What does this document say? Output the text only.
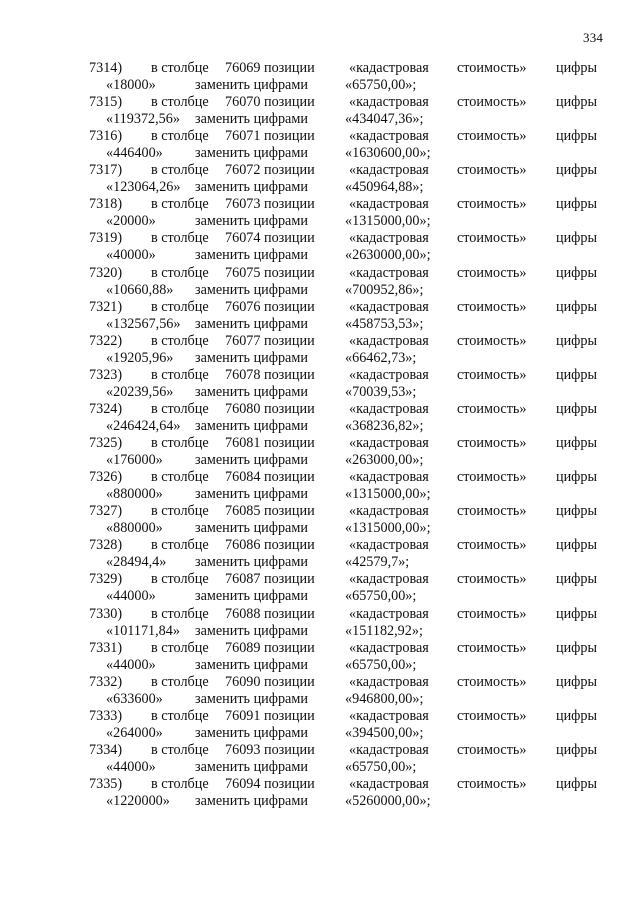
334
7314) в столбце 76069 позиции «кадастровая стоимость» цифры
«18000»	заменить цифрами	«65750,00»;
7315) в столбце 76070 позиции «кадастровая стоимость» цифры
«119372,56» заменить цифрами	«434047,36»;
7316) в столбце 76071 позиции «кадастровая стоимость» цифры
«446400» заменить цифрами	«1630600,00»;
7317) в столбце 76072 позиции «кадастровая стоимость» цифры
«123064,26» заменить цифрами	«450964,88»;
7318) в столбце 76073 позиции «кадастровая стоимость» цифры
«20000»	заменить цифрами	«1315000,00»;
7319) в столбце 76074 позиции «кадастровая стоимость» цифры
«40000»	заменить цифрами	«2630000,00»;
7320) в столбце 76075 позиции «кадастровая стоимость» цифры
«10660,88» заменить цифрами	«700952,86»;
7321) в столбце 76076 позиции «кадастровая стоимость» цифры
«132567,56» заменить цифрами	«458753,53»;
7322) в столбце 76077 позиции «кадастровая стоимость» цифры
«19205,96» заменить цифрами	«66462,73»;
7323) в столбце 76078 позиции «кадастровая стоимость» цифры
«20239,56» заменить цифрами	«70039,53»;
7324) в столбце 76080 позиции «кадастровая стоимость» цифры
«246424,64» заменить цифрами	«368236,82»;
7325) в столбце 76081 позиции «кадастровая стоимость» цифры
«176000» заменить цифрами	«263000,00»;
7326) в столбце 76084 позиции «кадастровая стоимость» цифры
«880000» заменить цифрами	«1315000,00»;
7327) в столбце 76085 позиции «кадастровая стоимость» цифры
«880000» заменить цифрами	«1315000,00»;
7328) в столбце 76086 позиции «кадастровая стоимость» цифры
«28494,4» заменить цифрами	«42579,7»;
7329) в столбце 76087 позиции «кадастровая стоимость» цифры
«44000»	заменить цифрами	«65750,00»;
7330) в столбце 76088 позиции «кадастровая стоимость» цифры
«101171,84» заменить цифрами	«151182,92»;
7331) в столбце 76089 позиции «кадастровая стоимость» цифры
«44000»	заменить цифрами	«65750,00»;
7332) в столбце 76090 позиции «кадастровая стоимость» цифры
«633600» заменить цифрами	«946800,00»;
7333) в столбце 76091 позиции «кадастровая стоимость» цифры
«264000» заменить цифрами	«394500,00»;
7334) в столбце 76093 позиции «кадастровая стоимость» цифры
«44000»	заменить цифрами	«65750,00»;
7335) в столбце 76094 позиции «кадастровая стоимость» цифры
«1220000» заменить цифрами	«5260000,00»;
